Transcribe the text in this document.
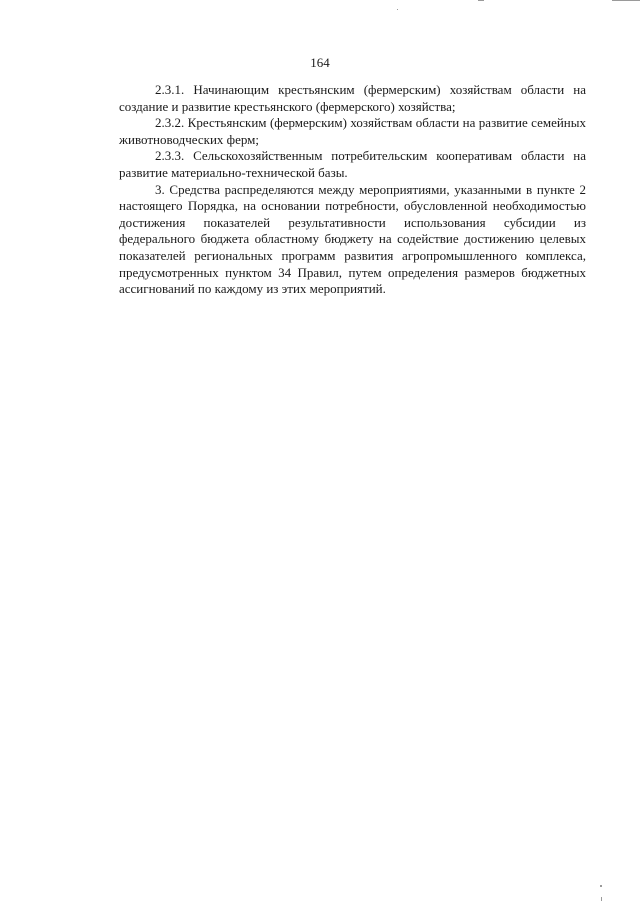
164

2.3.1. Начинающим крестьянским (фермерским) хозяйствам области на создание и развитие крестьянского (фермерского) хозяйства;

2.3.2. Крестьянским (фермерским) хозяйствам области на развитие семейных животноводческих ферм;

2.3.3. Сельскохозяйственным потребительским кооперативам области на развитие материально-технической базы.

3. Средства распределяются между мероприятиями, указанными в пункте 2 настоящего Порядка, на основании потребности, обусловленной необходимостью достижения показателей результативности использования субсидии из федерального бюджета областному бюджету на содействие достижению целевых показателей региональных программ развития агропромышленного комплекса, предусмотренных пунктом 34 Правил, путем определения размеров бюджетных ассигнований по каждому из этих мероприятий.
